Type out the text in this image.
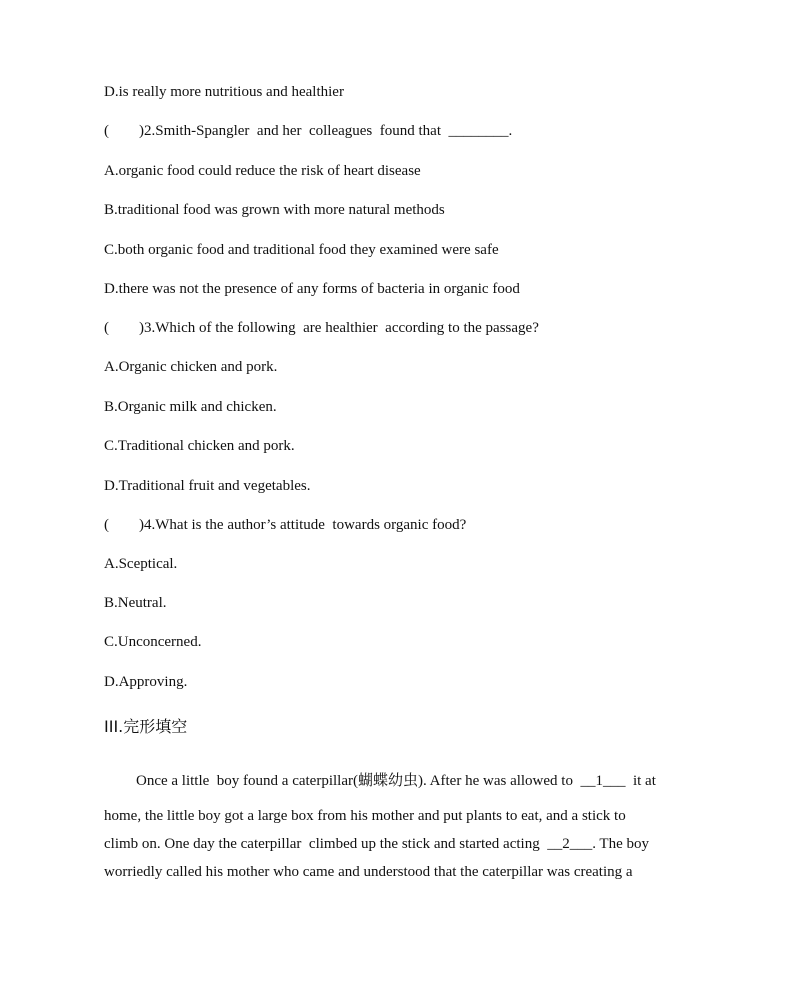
D.is really more nutritious and healthier
(        )2.Smith-Spangler  and her  colleagues  found that  ________.
A.organic food could reduce the risk of heart disease
B.traditional food was grown with more natural methods
C.both organic food and traditional food they examined were safe
D.there was not the presence of any forms of bacteria in organic food
(        )3.Which of the following  are healthier  according to the passage?
A.Organic chicken and pork.
B.Organic milk and chicken.
C.Traditional chicken and pork.
D.Traditional fruit and vegetables.
(        )4.What is the author’s attitude  towards organic food?
A.Sceptical.
B.Neutral.
C.Unconcerned.
D.Approving.
III.完形填空
Once a little  boy found a caterpillar(蝴蝶幼虫). After he was allowed to  __1___  it at
home, the little boy got a large box from his mother and put plants to eat, and a stick to
climb on. One day the caterpillar  climbed up the stick and started acting  __2___. The boy
worriedly called his mother who came and understood that the caterpillar was creating a
